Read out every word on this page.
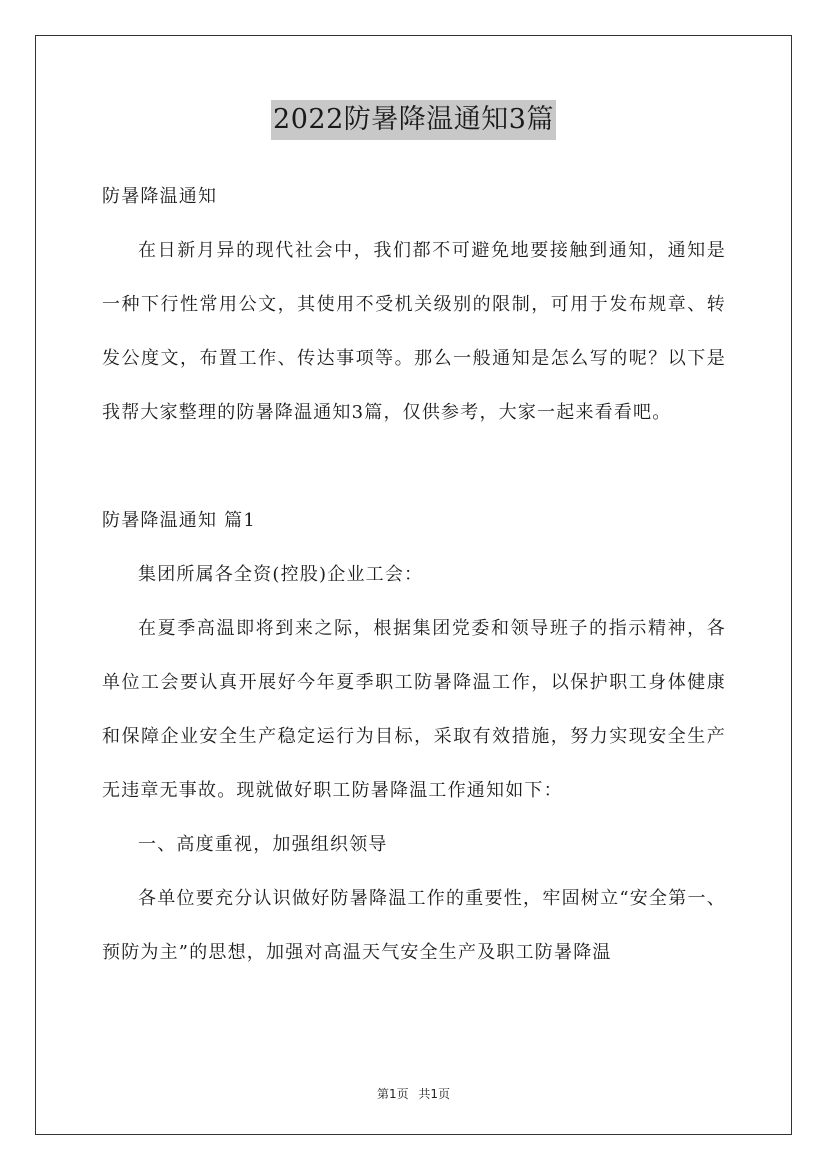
2022防暑降温通知3篇

防暑降温通知

在日新月异的现代社会中，我们都不可避免地要接触到通知，通知是一种下行性常用公文，其使用不受机关级别的限制，可用于发布规章、转发公度文，布置工作、传达事项等。那么一般通知是怎么写的呢？以下是我帮大家整理的防暑降温通知3篇，仅供参考，大家一起来看看吧。

防暑降温通知 篇1

集团所属各全资(控股)企业工会：

在夏季高温即将到来之际，根据集团党委和领导班子的指示精神，各单位工会要认真开展好今年夏季职工防暑降温工作，以保护职工身体健康和保障企业安全生产稳定运行为目标，采取有效措施，努力实现安全生产无违章无事故。现就做好职工防暑降温工作通知如下：

一、高度重视，加强组织领导

各单位要充分认识做好防暑降温工作的重要性，牢固树立“安全第一、预防为主”的思想，加强对高温天气安全生产及职工防暑降温

第1页 共1页
